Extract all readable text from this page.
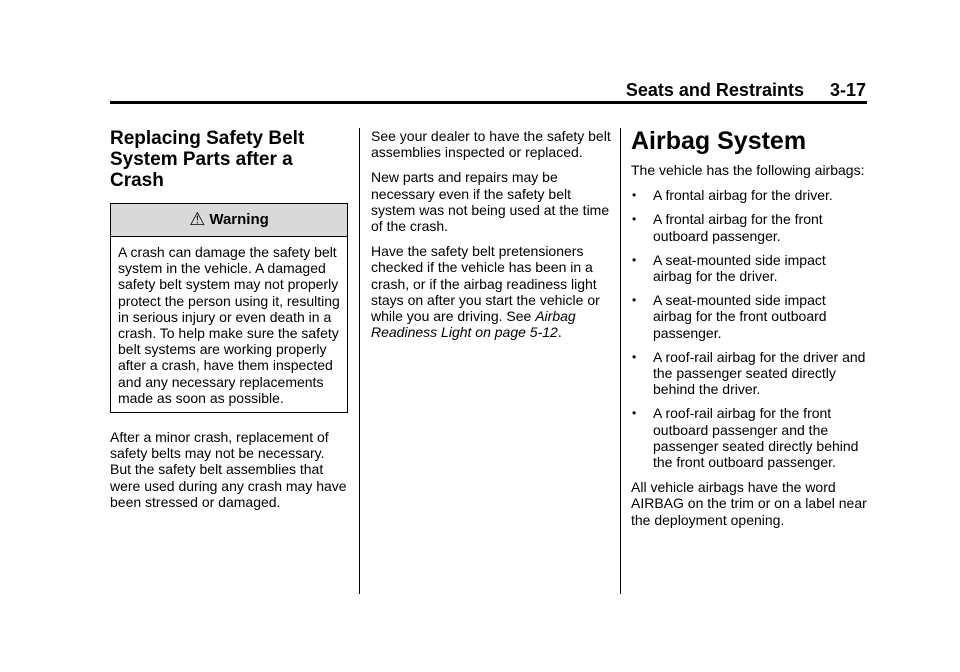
Seats and Restraints 3-17
Replacing Safety Belt System Parts after a Crash
⚠ Warning
A crash can damage the safety belt system in the vehicle. A damaged safety belt system may not properly protect the person using it, resulting in serious injury or even death in a crash. To help make sure the safety belt systems are working properly after a crash, have them inspected and any necessary replacements made as soon as possible.

After a minor crash, replacement of safety belts may not be necessary. But the safety belt assemblies that were used during any crash may have been stressed or damaged.

See your dealer to have the safety belt assemblies inspected or replaced.

New parts and repairs may be necessary even if the safety belt system was not being used at the time of the crash.

Have the safety belt pretensioners checked if the vehicle has been in a crash, or if the airbag readiness light stays on after you start the vehicle or while you are driving. See Airbag Readiness Light on page 5-12.

Airbag System

The vehicle has the following airbags:

• A frontal airbag for the driver.
• A frontal airbag for the front outboard passenger.
• A seat-mounted side impact airbag for the driver.
• A seat-mounted side impact airbag for the front outboard passenger.
• A roof-rail airbag for the driver and the passenger seated directly behind the driver.
• A roof-rail airbag for the front outboard passenger and the passenger seated directly behind the front outboard passenger.

All vehicle airbags have the word AIRBAG on the trim or on a label near the deployment opening.
